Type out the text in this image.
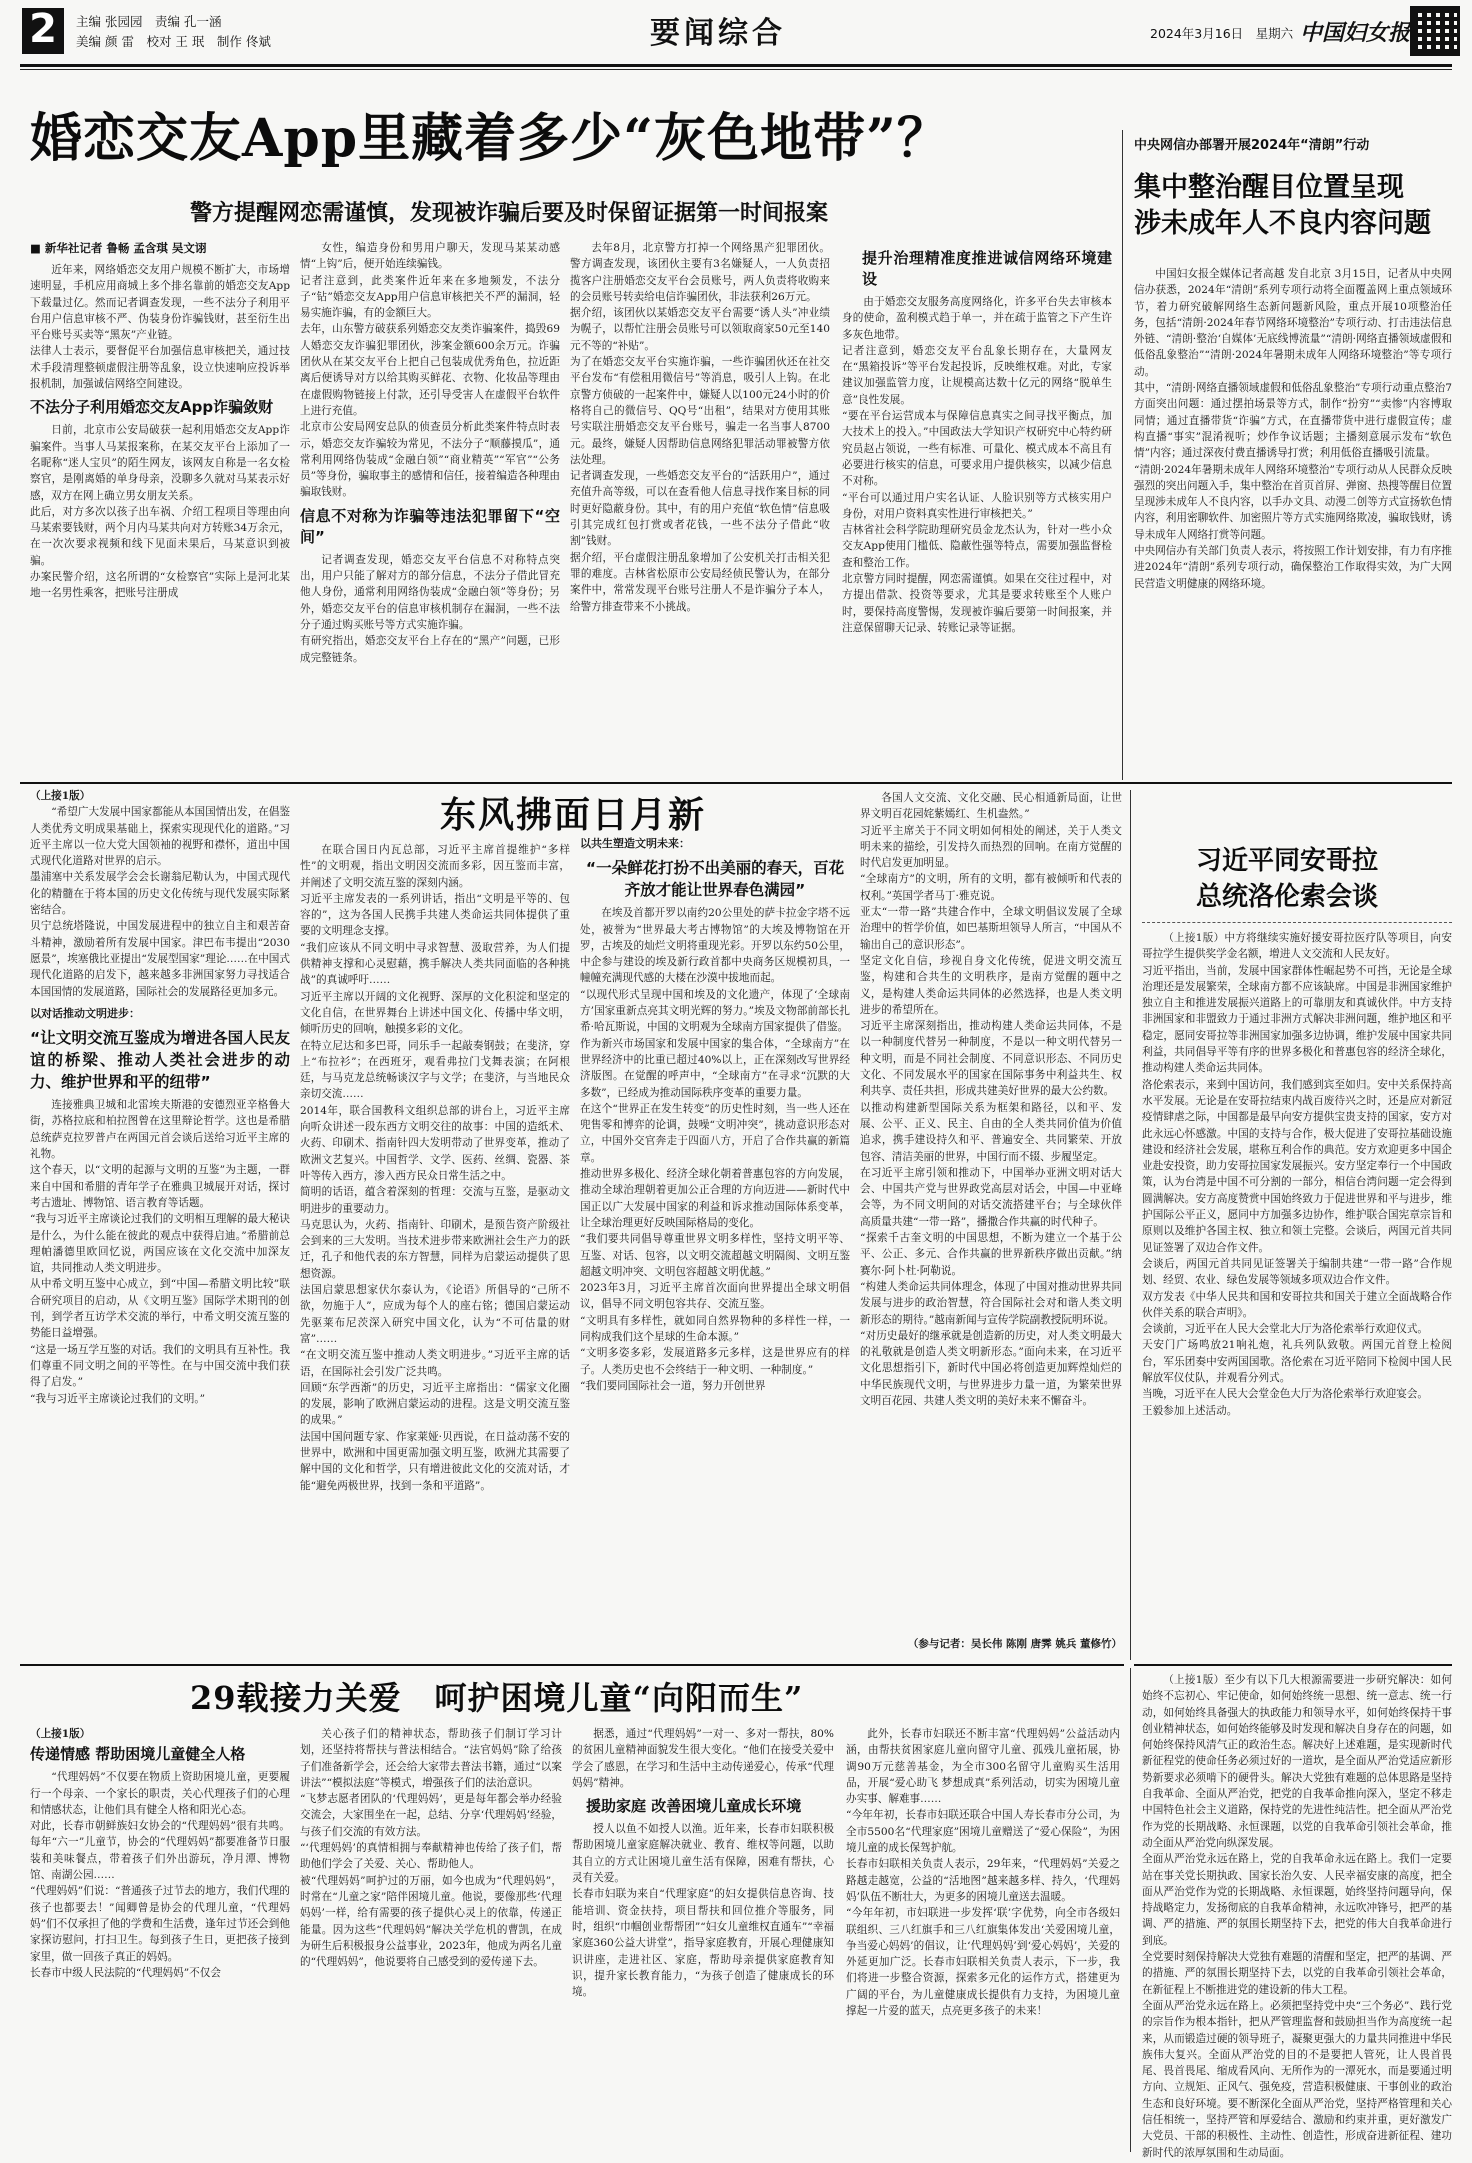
2	主编 张园园　责编 孔一涵
美编 颜 雷　校对 王 珉　制作 佟斌	要闻综合	2024年3月16日　星期六 中国妇女报
婚恋交友App里藏着多少“灰色地带”？
警方提醒网恋需谨慎，发现被诈骗后要及时保留证据第一时间报案
■ 新华社记者 鲁畅 孟含琪 吴文诩
近年来，网络婚恋交友用户规模不断扩大，市场增速明显，手机应用商城上多个排名靠前的婚恋交友App下载量过亿。然而记者调查发现，一些不法分子利用平台用户信息审核不严、伪装身份诈骗钱财，甚至衍生出平台账号买卖等“黑灰”产业链。
法律人士表示，要督促平台加强信息审核把关，通过技术手段清理整顿虚假注册等乱象，设立快速响应投诉举报机制，加强诚信网络空间建设。
不法分子利用婚恋交友App诈骗敛财
日前，北京市公安局破获一起利用婚恋交友App诈骗案件。当事人马某报案称，在某交友平台上添加了一名昵称“迷人宝贝”的陌生网友，该网友自称是一名女检察官，是刚离婚的单身母亲，没聊多久就对马某表示好感，双方在网上确立男女朋友关系。
此后，对方多次以孩子出车祸、介绍工程项目等理由向马某索要钱财，两个月内马某共向对方转账34万余元，在一次次要求视频和线下见面未果后，马某意识到被骗。
办案民警介绍，这名所谓的“女检察官”实际上是河北某地一名男性乘客，把账号注册成
女性，编造身份和男用户聊天，发现马某某动感情“上钩”后，便开始连续骗钱。
记者注意到，此类案件近年来在多地频发，不法分子“钻”婚恋交友App用户信息审核把关不严的漏洞，轻易实施诈骗，有的金额巨大。
去年，山东警方破获系列婚恋交友类诈骗案件，捣毁69人婚恋交友诈骗犯罪团伙，涉案金额600余万元。诈骗团伙从在某交友平台上把自己包装成优秀角色，拉近距离后便诱导对方以给其购买鲜花、衣物、化妆品等理由在虚假购物链接上付款，还引导受害人在虚假平台软件上进行充值。
北京市公安局网安总队的侦查员分析此类案件特点时表示，婚恋交友诈骗较为常见，不法分子“顺藤摸瓜”，通常利用网络伪装成“金融白领”“商业精英”“军官”“公务员”等身份，骗取事主的感情和信任，接着编造各种理由骗取钱财。
信息不对称为诈骗等违法犯罪留下“空间”
记者调查发现，婚恋交友平台信息不对称特点突出，用户只能了解对方的部分信息，不法分子借此冒充他人身份，通常利用网络伪装成“金融白领”等身份；另外，婚恋交友平台的信息审核机制存在漏洞，一些不法分子通过购买账号等方式实施诈骗。
有研究指出，婚恋交友平台上存在的“黑产”问题，已形成完整链条。
去年8月，北京警方打掉一个网络黑产犯罪团伙。警方调查发现，该团伙主要有3名嫌疑人，一人负责招揽客户注册婚恋交友平台会员账号，两人负责将收购来的会员账号转卖给电信诈骗团伙，非法获利26万元。
据介绍，该团伙以某婚恋交友平台需要“诱人头”冲业绩为幌子，以帮忙注册会员账号可以领取商家50元至140元不等的“补贴”。
为了在婚恋交友平台实施诈骗，一些诈骗团伙还在社交平台发布“有偿租用微信号”等消息，吸引人上钩。在北京警方侦破的一起案件中，嫌疑人以100元24小时的价格将自己的微信号、QQ号“出租”，结果对方使用其账号实联注册婚恋交友平台账号，骗走一名当事人8700元。最终，嫌疑人因帮助信息网络犯罪活动罪被警方依法处理。
记者调查发现，一些婚恋交友平台的“活跃用户”，通过充值升高等级，可以在查看他人信息寻找作案目标的同时更好隐蔽身份。其中，有的用户充值“软色情”信息吸引其完成红包打赏或者花钱，一些不法分子借此“收割”钱财。
据介绍，平台虚假注册乱象增加了公安机关打击相关犯罪的难度。吉林省松原市公安局经侦民警认为，在部分案件中，常常发现平台账号注册人不是诈骗分子本人，给警方排查带来不小挑战。
提升治理精准度推进诚信网络环境建设
由于婚恋交友服务高度网络化，许多平台失去审核本身的使命，盈利模式趋于单一，并在疏于监管之下产生许多灰色地带。
记者注意到，婚恋交友平台乱象长期存在，大量网友在“黑箱投诉”等平台发起投诉，反映维权难。对此，专家建议加强监管力度，让规模高达数十亿元的网络“脱单生意”良性发展。
“要在平台运营成本与保障信息真实之间寻找平衡点，加大技术上的投入。”中国政法大学知识产权研究中心特约研究员赵占领说，一些有标准、可量化、模式成本不高且有必要进行核实的信息，可要求用户提供核实，以减少信息不对称。
“平台可以通过用户实名认证、人脸识别等方式核实用户身份，对用户资料真实性进行审核把关。”
吉林省社会科学院助理研究员金龙杰认为，针对一些小众交友App使用门槛低、隐蔽性强等特点，需要加强监督检查和整治工作。
北京警方同时提醒，网恋需谨慎。如果在交往过程中，对方提出借款、投资等要求，尤其是要求转账至个人账户时，要保持高度警惕，发现被诈骗后要第一时间报案，并注意保留聊天记录、转账记录等证据。
中央网信办部署开展2024年“清朗”行动
集中整治醒目位置呈现
涉未成年人不良内容问题
中国妇女报全媒体记者高越 发自北京 3月15日，记者从中央网信办获悉，2024年“清朗”系列专项行动将全面覆盖网上重点领域环节，着力研究破解网络生态新问题新风险，重点开展10项整治任务，包括“清朗·2024年春节网络环境整治”专项行动、打击违法信息外链、“清朗·整治‘自媒体’无底线博流量”“清朗·网络直播领域虚假和低俗乱象整治”“清朗·2024年暑期未成年人网络环境整治”等专项行动。
其中，“清朗·网络直播领域虚假和低俗乱象整治”专项行动重点整治7方面突出问题：通过摆拍场景等方式，制作“扮穷”“卖惨”内容博取同情；通过直播带货“诈骗”方式，在直播带货中进行虚假宣传；虚构直播“事实”混淆视听；炒作争议话题；主播刻意展示发布“软色情”内容；通过深夜付费直播诱导打赏；利用低俗直播吸引流量。
“清朗·2024年暑期未成年人网络环境整治”专项行动从人民群众反映强烈的突出问题入手，集中整治在首页首屏、弹窗、热搜等醒目位置呈现涉未成年人不良内容，以手办文具、动漫二创等方式宣扬软色情内容，利用密聊软件、加密照片等方式实施网络欺凌，骗取钱财，诱导未成年人网络打赏等问题。
中央网信办有关部门负责人表示，将按照工作计划安排，有力有序推进2024年“清朗”系列专项行动，确保整治工作取得实效，为广大网民营造文明健康的网络环境。
东风拂面日月新
（上接1版）
“希望广大发展中国家都能从本国国情出发，在倡鉴人类优秀文明成果基础上，探索实现现代化的道路。”习近平主席以一位大党大国领袖的视野和襟怀，道出中国式现代化道路对世界的启示。
墨浦塞中关系发展学会会长谢翁尼勒认为，中国式现代化的精髓在于将本国的历史文化传统与现代发展实际紧密结合。
贝宁总统塔隆说，中国发展进程中的独立自主和艰苦奋斗精神，激励着所有发展中国家。津巴布韦提出“2030愿景”，埃塞俄比亚提出“发展型国家”理论……在中国式现代化道路的启发下，越来越多非洲国家努力寻找适合本国国情的发展道路，国际社会的发展路径更加多元。
以对话推动文明进步：
“让文明交流互鉴成为增进各国人民友谊的桥梁、推动人类社会进步的动力、维护世界和平的纽带”
连接雅典卫城和北雷埃夫斯港的安德烈亚辛格鲁大街，苏格拉底和柏拉图曾在这里辩论哲学。这也是希腊总统萨克拉罗普卢在两国元首会谈后送给习近平主席的礼物。
这个春天，以“文明的起源与文明的互鉴”为主题，一群来自中国和希腊的青年学子在雅典卫城展开对话，探讨考古遗址、博物馆、语言教育等话题。
“我与习近平主席谈论过我们的文明相互理解的最大秘诀是什么，为什么能在彼此的观点中获得启迪。”希腊前总理帕潘德里欧回忆说，两国应该在文化交流中加深友谊，共同推动人类文明进步。
从中希文明互鉴中心成立，到“中国—希腊文明比较”联合研究项目的启动，从《文明互鉴》国际学术期刊的创刊，到学者互访学术交流的举行，中希文明交流互鉴的势能日益增强。
“这是一场互学互鉴的对话。我们的文明具有互补性。我们尊重不同文明之间的平等性。在与中国交流中我们获得了启发。”
“我与习近平主席谈论过我们的文明。”
在联合国日内瓦总部，习近平主席首提维护“多样性”的文明观，指出文明因交流而多彩，因互鉴而丰富，并阐述了文明交流互鉴的深刻内涵。
习近平主席发表的一系列讲话，指出“文明是平等的、包容的”，这为各国人民携手共建人类命运共同体提供了重要的文明理念支撑。
“我们应该从不同文明中寻求智慧、汲取营养，为人们提供精神支撑和心灵慰藉，携手解决人类共同面临的各种挑战”的真诚呼吁……
习近平主席以开阔的文化视野、深厚的文化积淀和坚定的文化自信，在世界舞台上讲述中国文化、传播中华文明，倾听历史的回响，触摸多彩的文化。
在特立尼达和多巴哥，同乐手一起敲奏钢鼓；在斐济，穿上“布拉衫”；在西班牙，观看弗拉门戈舞表演；在阿根廷，与马克龙总统畅谈汉字与文学；在斐济，与当地民众亲切交流……
2014年，联合国教科文组织总部的讲台上，习近平主席向听众讲述一段东西方文明交往的故事：中国的造纸术、火药、印刷术、指南针四大发明带动了世界变革，推动了欧洲文艺复兴。中国哲学、文学、医药、丝绸、瓷器、茶叶等传入西方，渗入西方民众日常生活之中。
简明的话语，蕴含着深刻的哲理：交流与互鉴，是驱动文明进步的重要动力。
马克思认为，火药、指南针、印刷术，是预告资产阶级社会到来的三大发明。当技术进步带来欧洲社会生产力的跃迁，孔子和他代表的东方智慧，同样为启蒙运动提供了思想资源。
法国启蒙思想家伏尔泰认为，《论语》所倡导的“己所不欲，勿施于人”，应成为每个人的座右铭；德国启蒙运动先驱莱布尼茨深入研究中国文化，认为“不可估量的财富”……
“在文明交流互鉴中推动人类文明进步。”习近平主席的话语，在国际社会引发广泛共鸣。
回顾“东学西渐”的历史，习近平主席指出：“儒家文化圈的发展，影响了欧洲启蒙运动的进程。这是文明交流互鉴的成果。”
法国中国问题专家、作家莱娅·贝西说，在日益动荡不安的世界中，欧洲和中国更需加强文明互鉴，欧洲尤其需要了解中国的文化和哲学，只有增进彼此文化的交流对话，才能“避免两极世界，找到一条和平道路”。
以共生塑造文明未来：
“一朵鲜花打扮不出美丽的春天，百花齐放才能让世界春色满园”
在埃及首都开罗以南约20公里处的萨卡拉金字塔不远处，被誉为“世界最大考古博物馆”的大埃及博物馆在开罗，古埃及的灿烂文明将重现光彩。开罗以东约50公里，中企参与建设的埃及新行政首都中央商务区规模初具，一幢幢充满现代感的大楼在沙漠中拔地而起。
“以现代形式呈现中国和埃及的文化遗产，体现了‘全球南方’国家重新点亮其文明光辉的努力。”埃及文物部前部长扎希·哈瓦斯说，中国的文明观为全球南方国家提供了借鉴。
作为新兴市场国家和发展中国家的集合体，“全球南方”在世界经济中的比重已超过40%以上，正在深刻改写世界经济版图。在觉醒的呼声中，“全球南方”在寻求“沉默的大多数”，已经成为推动国际秩序变革的重要力量。
在这个“世界正在发生转变”的历史性时刻，当一些人还在兜售零和博弈的论调，鼓噪“文明冲突”，挑动意识形态对立，中国外交官奔走于四面八方，开启了合作共赢的新篇章。
推动世界多极化、经济全球化朝着普惠包容的方向发展，推动全球治理朝着更加公正合理的方向迈进——新时代中国正以广大发展中国家的利益和诉求推动国际体系变革，让全球治理更好反映国际格局的变化。
“我们要共同倡导尊重世界文明多样性，坚持文明平等、互鉴、对话、包容，以文明交流超越文明隔阂、文明互鉴超越文明冲突、文明包容超越文明优越。”
2023年3月，习近平主席首次面向世界提出全球文明倡议，倡导不同文明包容共存、交流互鉴。
“文明具有多样性，就如同自然界物种的多样性一样，一同构成我们这个星球的生命本源。”
“文明多姿多彩，发展道路多元多样，这是世界应有的样子。人类历史也不会终结于一种文明、一种制度。”
“我们要同国际社会一道，努力开创世界
各国人文交流、文化交融、民心相通新局面，让世界文明百花园姹紫嫣红、生机盎然。”
习近平主席关于不同文明如何相处的阐述，关于人类文明未来的描绘，引发持久而热烈的回响。在南方觉醒的时代启发更加明显。
“全球南方”的文明，所有的文明，都有被倾听和代表的权利。”英国学者马丁·雅克说。
亚太“一带一路”共建合作中，全球文明倡议发展了全球治理中的哲学价值，如巴基斯坦领导人所言，“中国从不输出自己的意识形态”。
坚定文化自信，珍视自身文化传统，促进文明交流互鉴，构建和合共生的文明秩序，是南方觉醒的题中之义，是构建人类命运共同体的必然选择，也是人类文明进步的希望所在。
习近平主席深刻指出，推动构建人类命运共同体，不是以一种制度代替另一种制度，不是以一种文明代替另一种文明，而是不同社会制度、不同意识形态、不同历史文化、不同发展水平的国家在国际事务中利益共生、权利共享、责任共担，形成共建美好世界的最大公约数。
以推动构建新型国际关系为框架和路径，以和平、发展、公平、正义、民主、自由的全人类共同价值为价值追求，携手建设持久和平、普遍安全、共同繁荣、开放包容、清洁美丽的世界，中国行而不辍、步履坚定。
在习近平主席引领和推动下，中国举办亚洲文明对话大会、中国共产党与世界政党高层对话会，中国—中亚峰会等，为不同文明间的对话交流搭建平台；与全球伙伴高质量共建“一带一路”，播撒合作共赢的时代种子。
“探索千古奎文明的中国思想，不断为建立一个基于公平、公正、多元、合作共赢的世界新秩序做出贡献。”纳赛尔·阿卜杜·阿勒说。
“构建人类命运共同体理念，体现了中国对推动世界共同发展与进步的政治智慧，符合国际社会对和谐人类文明新形态的期待。”越南新闻与宣传学院副教授阮明环说。
“对历史最好的继承就是创造新的历史，对人类文明最大的礼敬就是创造人类文明新形态。”面向未来，在习近平文化思想指引下，新时代中国必将创造更加辉煌灿烂的中华民族现代文明，与世界进步力量一道，为繁荣世界文明百花园、共建人类文明的美好未来不懈奋斗。
（参与记者：吴长伟 陈刚 唐霁 姚兵 董修竹）
习近平同安哥拉
总统洛伦索会谈
（上接1版）中方将继续实施好援安哥拉医疗队等项目，向安哥拉学生提供奖学金名额，增进人文交流和人民友好。
习近平指出，当前，发展中国家群体性崛起势不可挡，无论是全球治理还是发展繁荣，全球南方都不应该缺席。中国是非洲国家维护独立自主和推进发展振兴道路上的可靠朋友和真诚伙伴。中方支持非洲国家和非盟致力于通过非洲方式解决非洲问题，维护地区和平稳定，愿同安哥拉等非洲国家加强多边协调，维护发展中国家共同利益，共同倡导平等有序的世界多极化和普惠包容的经济全球化，推动构建人类命运共同体。
洛伦索表示，来到中国访问，我们感到宾至如归。安中关系保持高水平发展。无论是在安哥拉结束内战百废待兴之时，还是应对新冠疫情肆虐之际，中国都是最早向安方提供宝贵支持的国家，安方对此永远心怀感激。中国的支持与合作，极大促进了安哥拉基础设施建设和经济社会发展，堪称互利合作的典范。安方欢迎更多中国企业赴安投资，助力安哥拉国家发展振兴。安方坚定奉行一个中国政策，认为台湾是中国不可分割的一部分，相信台湾问题一定会得到圆满解决。安方高度赞赏中国始终致力于促进世界和平与进步，维护国际公平正义，愿同中方加强多边协作，维护联合国宪章宗旨和原则以及维护各国主权、独立和领土完整。会谈后，两国元首共同见证签署了双边合作文件。
会谈后，两国元首共同见证签署关于编制共建“一带一路”合作规划、经贸、农业、绿色发展等领域多项双边合作文件。
双方发表《中华人民共和国和安哥拉共和国关于建立全面战略合作伙伴关系的联合声明》。
会谈前，习近平在人民大会堂北大厅为洛伦索举行欢迎仪式。
天安门广场鸣放21响礼炮，礼兵列队致敬。两国元首登上检阅台，军乐团奏中安两国国歌。洛伦索在习近平陪同下检阅中国人民解放军仪仗队，并观看分列式。
当晚，习近平在人民大会堂金色大厅为洛伦索举行欢迎宴会。
王毅参加上述活动。
（上接1版）至少有以下几大根源需要进一步研究解决：如何始终不忘初心、牢记使命，如何始终统一思想、统一意志、统一行动，如何始终具备强大的执政能力和领导水平，如何始终保持干事创业精神状态，如何始终能够及时发现和解决自身存在的问题，如何始终保持风清气正的政治生态。解决好上述难题，是实现新时代新征程党的使命任务必须过好的一道坎，是全面从严治党适应新形势新要求必须啃下的硬骨头。解决大党独有难题的总体思路是坚持自我革命、全面从严治党，把党的自我革命推向深入，坚定不移走中国特色社会主义道路，保持党的先进性纯洁性。把全面从严治党作为党的长期战略、永恒课题，以党的自我革命引领社会革命，推动全面从严治党向纵深发展。
全面从严治党永远在路上，党的自我革命永远在路上。我们一定要站在事关党长期执政、国家长治久安、人民幸福安康的高度，把全面从严治党作为党的长期战略、永恒课题，始终坚持问题导向，保持战略定力，发扬彻底的自我革命精神，永远吹冲锋号，把严的基调、严的措施、严的氛围长期坚持下去，把党的伟大自我革命进行到底。
全党要时刻保持解决大党独有难题的清醒和坚定，把严的基调、严的措施、严的氛围长期坚持下去，以党的自我革命引领社会革命，在新征程上不断推进党的建设新的伟大工程。
全面从严治党永远在路上。必须把坚持党中央“三个务必”、践行党的宗旨作为根本指针，把从严管理监督和鼓励担当作为高度统一起来，从而锻造过硬的领导班子，凝聚更强大的力量共同推进中华民族伟大复兴。全面从严治党的目的不是要把人管死，让人畏首畏尾、畏首畏尾、缩成看风向、无所作为的一潭死水，而是要通过明方向、立规矩、正风气、强免疫，营造积极健康、干事创业的政治生态和良好环境。要不断深化全面从严治党，坚持严格管理和关心信任相统一，坚持严管和厚爱结合、激励和约束并重，更好激发广大党员、干部的积极性、主动性、创造性，形成奋进新征程、建功新时代的浓厚氛围和生动局面。
29载接力关爱　呵护困境儿童“向阳而生”
（上接1版）
传递情感 帮助困境儿童健全人格
“代理妈妈”不仅要在物质上资助困境儿童，更要履行一个母亲、一个家长的职责，关心代理孩子们的心理和情感状态，让他们具有健全人格和阳光心态。
对此，长春市朝鲜族妇女协会的“代理妈妈”很有共鸣。每年“六一”儿童节，协会的“代理妈妈”都要准备节日服装和美味餐点，带着孩子们外出游玩，净月潭、博物馆、南湖公园……
“代理妈妈”们说：“普通孩子过节去的地方，我们代理的孩子也都要去！”闻卿曾是协会的代理儿童，“代理妈妈”们不仅承担了他的学费和生活费，逢年过节还会到他家探访慰问，打扫卫生。每到孩子生日，更把孩子接到家里，做一回孩子真正的妈妈。
长春市中级人民法院的“代理妈妈”不仅会
关心孩子们的精神状态，帮助孩子们制订学习计划，还坚持将帮扶与普法相结合。“法官妈妈”除了给孩子们准备新学会，还会给大家带去普法书籍，通过“以案讲法”“模拟法庭”等模式，增强孩子们的法治意识。
“飞梦志愿者团队的‘代理妈妈’，更是每年都会举办经验交流会，大家围坐在一起，总结、分享‘代理妈妈’经验，与孩子们交流的有效方法。
“‘代理妈妈’的真情相拥与奉献精神也传给了孩子们，帮助他们学会了关爱、关心、帮助他人。
被“代理妈妈”呵护过的万丽，如今也成为“代理妈妈”，时常在“儿童之家”陪伴困境儿童。他说，要像那些‘代理妈妈’一样，给有需要的孩子提供心灵上的依靠，传递正能量。因为这些“代理妈妈”解决关学危机的曹凯，在成为研生后积极报身公益事业，2023年，他成为两名儿童的“代理妈妈”，他说要将自己感受到的爱传递下去。
据悉，通过“代理妈妈”一对一、多对一帮扶，80%的贫困儿童精神面貌发生很大变化。“他们在接受关爱中学会了感恩，在学习和生活中主动传递爱心，传承“代理妈妈”精神。
援助家庭 改善困境儿童成长环境
授人以鱼不如授人以渔。近年来，长春市妇联积极帮助困境儿童家庭解决就业、教育、维权等问题，以助其自立的方式让困境儿童生活有保障，困难有帮扶，心灵有关爱。
长春市妇联为来自“代理家庭”的妇女提供信息咨询、技能培训、资金扶持，项目帮扶和回位推介等服务，同时，组织“巾帼创业帮帮团”“妇女儿童维权直通车”“幸福家庭360公益大讲堂”，指导家庭教育，开展心理健康知识讲座，走进社区、家庭，帮助母亲提供家庭教育知识，提升家长教育能力，“为孩子创造了健康成长的环境。
此外，长春市妇联还不断丰富“代理妈妈”公益活动内涵，由帮扶贫困家庭儿童向留守儿童、孤残儿童拓展，协调90万元慈善基金，为全市300名留守儿童购买生活用品，开展“爱心助飞 梦想成真”系列活动，切实为困境儿童办实事、解难事……
“今年年初，长春市妇联还联合中国人寿长春市分公司，为全市5500名“代理家庭”困境儿童赠送了“爱心保险”，为困境儿童的成长保驾护航。
长春市妇联相关负责人表示，29年来，“代理妈妈”关爱之路越走越宽，公益的“活地图”越来越多样、持久，‘代理妈妈’队伍不断壮大，为更多的困境儿童送去温暖。
“今年年初，市妇联进一步发挥‘联’字优势，向全市各级妇联组织、三八红旗手和三八红旗集体发出‘关爱困境儿童，争当爱心妈妈’的倡议，让‘代理妈妈’到‘爱心妈妈’，关爱的外延更加广泛。长春市妇联相关负责人表示，下一步，我们将进一步整合资源，探索多元化的运作方式，搭建更为广阔的平台，为儿童健康成长提供有力支持，为困境儿童撑起一片爱的蓝天，点亮更多孩子的未来！
